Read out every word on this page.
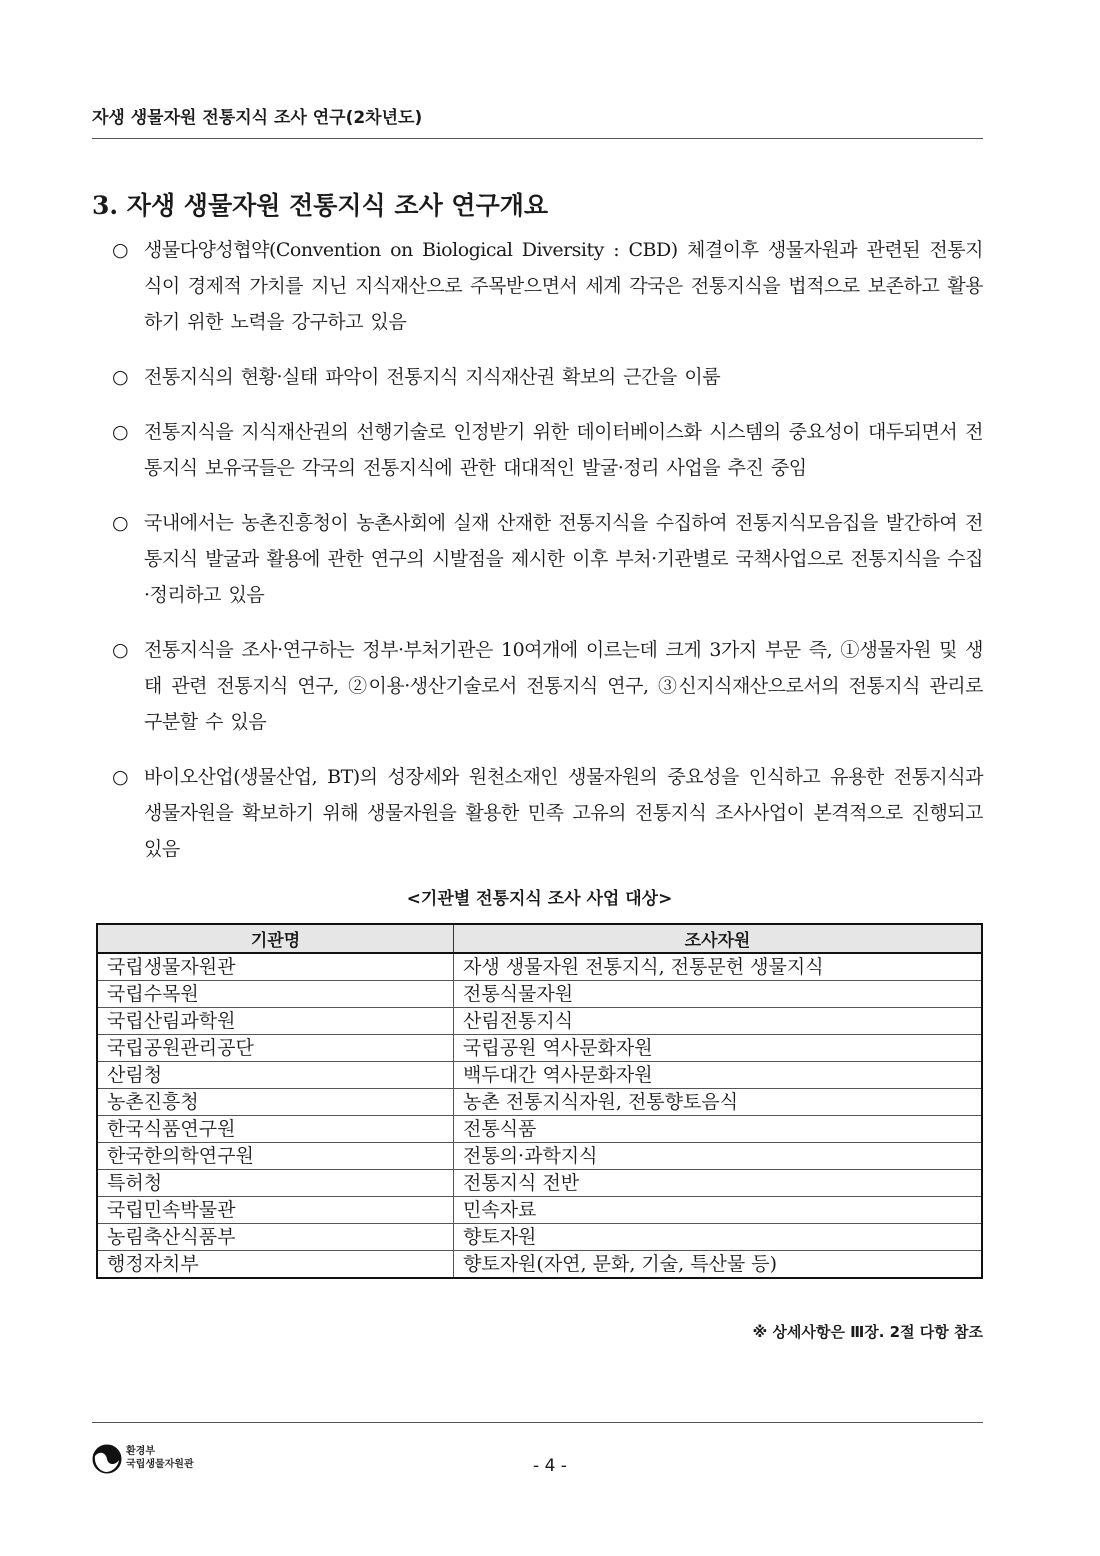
자생 생물자원 전통지식 조사 연구(2차년도)
3. 자생 생물자원 전통지식 조사 연구개요
○ 생물다양성협약(Convention on Biological Diversity : CBD) 체결이후 생물자원과 관련된 전통지식이 경제적 가치를 지닌 지식재산으로 주목받으면서 세계 각국은 전통지식을 법적으로 보존하고 활용하기 위한 노력을 강구하고 있음
○ 전통지식의 현황·실태 파악이 전통지식 지식재산권 확보의 근간을 이룸
○ 전통지식을 지식재산권의 선행기술로 인정받기 위한 데이터베이스화 시스템의 중요성이 대두되면서 전통지식 보유국들은 각국의 전통지식에 관한 대대적인 발굴·정리 사업을 추진 중임
○ 국내에서는 농촌진흥청이 농촌사회에 실재 산재한 전통지식을 수집하여 전통지식모음집을 발간하여 전통지식 발굴과 활용에 관한 연구의 시발점을 제시한 이후 부처·기관별로 국책사업으로 전통지식을 수집·정리하고 있음
○ 전통지식을 조사·연구하는 정부·부처기관은 10여개에 이르는데 크게 3가지 부문 즉, ①생물자원 및 생태 관련 전통지식 연구, ②이용·생산기술로서 전통지식 연구, ③신지식재산으로서의 전통지식 관리로 구분할 수 있음
○ 바이오산업(생물산업, BT)의 성장세와 원천소재인 생물자원의 중요성을 인식하고 유용한 전통지식과 생물자원을 확보하기 위해 생물자원을 활용한 민족 고유의 전통지식 조사사업이 본격적으로 진행되고 있음
<기관별 전통지식 조사 사업 대상>
기관명	조사자원
국립생물자원관	자생 생물자원 전통지식, 전통문헌 생물지식
국립수목원	전통식물자원
국립산림과학원	산림전통지식
국립공원관리공단	국립공원 역사문화자원
산림청	백두대간 역사문화자원
농촌진흥청	농촌 전통지식자원, 전통향토음식
한국식품연구원	전통식품
한국한의학연구원	전통의·과학지식
특허청	전통지식 전반
국립민속박물관	민속자료
농림축산식품부	향토자원
행정자치부	향토자원(자연, 문화, 기술, 특산물 등)
※ 상세사항은 Ⅲ장. 2절 다항 참조
환경부
국립생물자원관	- 4 -
